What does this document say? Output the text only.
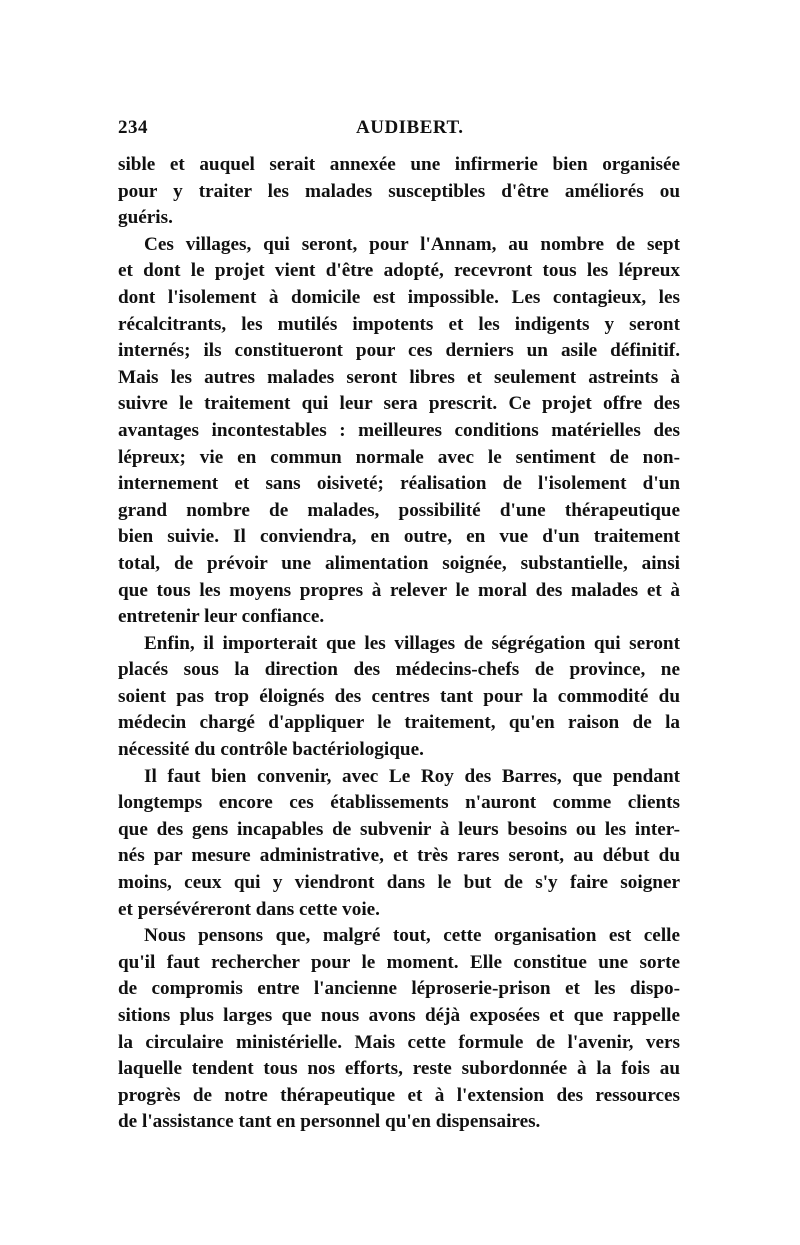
234	AUDIBERT.
sible et auquel serait annexée une infirmerie bien organisée
pour y traiter les malades susceptibles d'être améliorés ou
guéris.
Ces villages, qui seront, pour l'Annam, au nombre de sept
et dont le projet vient d'être adopté, recevront tous les lépreux
dont l'isolement à domicile est impossible. Les contagieux, les
récalcitrants, les mutilés impotents et les indigents y seront
internés; ils constitueront pour ces derniers un asile définitif.
Mais les autres malades seront libres et seulement astreints à
suivre le traitement qui leur sera prescrit. Ce projet offre des
avantages incontestables : meilleures conditions matérielles des
lépreux; vie en commun normale avec le sentiment de non-
internement et sans oisiveté; réalisation de l'isolement d'un
grand nombre de malades, possibilité d'une thérapeutique
bien suivie. Il conviendra, en outre, en vue d'un traitement
total, de prévoir une alimentation soignée, substantielle, ainsi
que tous les moyens propres à relever le moral des malades et à
entretenir leur confiance.
Enfin, il importerait que les villages de ségrégation qui seront
placés sous la direction des médecins-chefs de province, ne
soient pas trop éloignés des centres tant pour la commodité du
médecin chargé d'appliquer le traitement, qu'en raison de la
nécessité du contrôle bactériologique.
Il faut bien convenir, avec Le Roy des Barres, que pendant
longtemps encore ces établissements n'auront comme clients
que des gens incapables de subvenir à leurs besoins ou les inter-
nés par mesure administrative, et très rares seront, au début du
moins, ceux qui y viendront dans le but de s'y faire soigner
et persévéreront dans cette voie.
Nous pensons que, malgré tout, cette organisation est celle
qu'il faut rechercher pour le moment. Elle constitue une sorte
de compromis entre l'ancienne léproserie-prison et les dispo-
sitions plus larges que nous avons déjà exposées et que rappelle
la circulaire ministérielle. Mais cette formule de l'avenir, vers
laquelle tendent tous nos efforts, reste subordonnée à la fois au
progrès de notre thérapeutique et à l'extension des ressources
de l'assistance tant en personnel qu'en dispensaires.
